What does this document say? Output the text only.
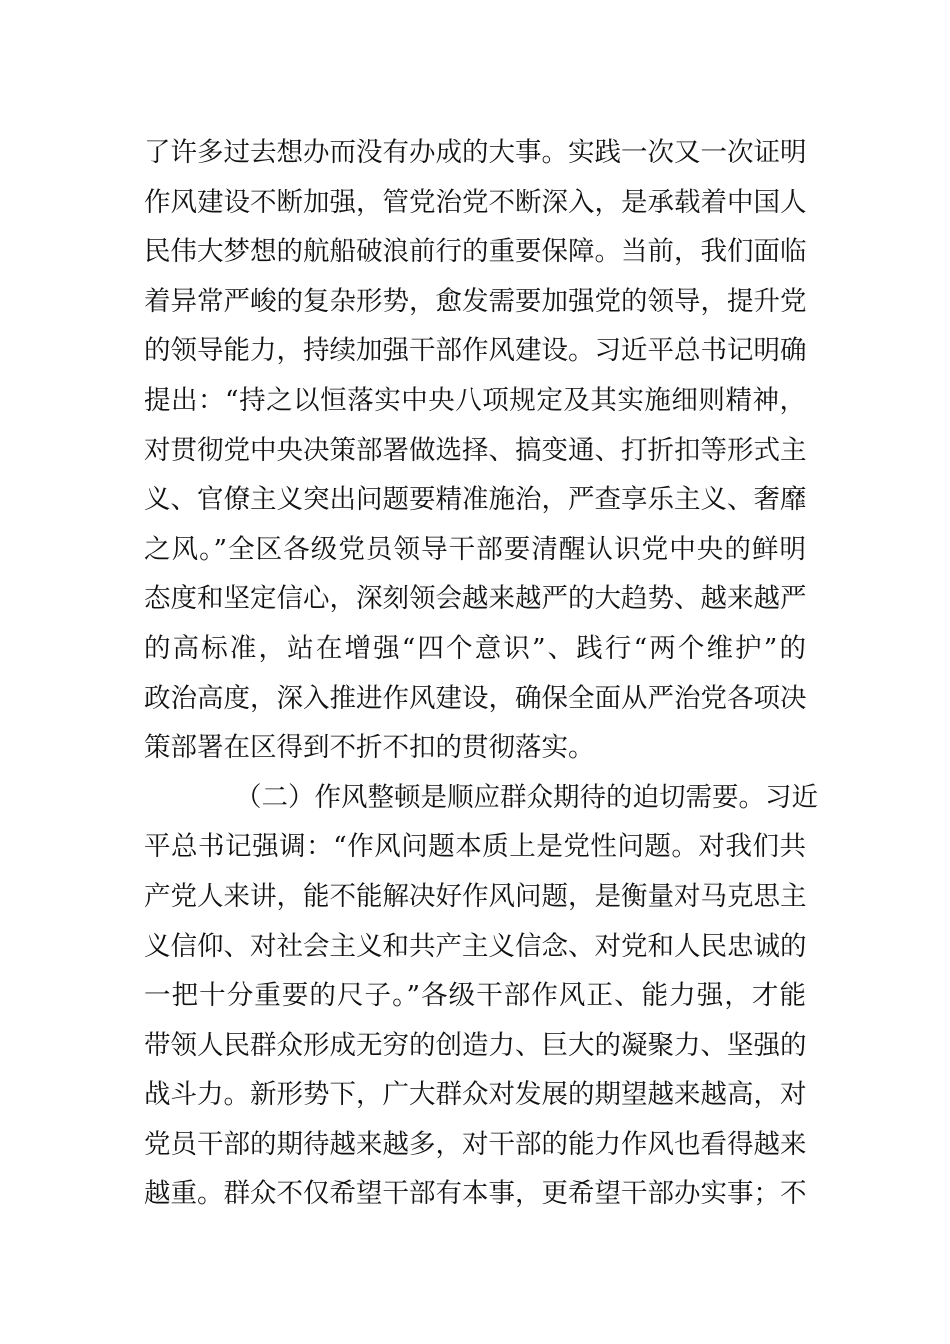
了许多过去想办而没有办成的大事。实践一次又一次证明
作风建设不断加强，管党治党不断深入，是承载着中国人
民伟大梦想的航船破浪前行的重要保障。当前，我们面临
着异常严峻的复杂形势，愈发需要加强党的领导，提升党
的领导能力，持续加强干部作风建设。习近平总书记明确
提出：“持之以恒落实中央八项规定及其实施细则精神，
对贯彻党中央决策部署做选择、搞变通、打折扣等形式主
义、官僚主义突出问题要精准施治，严查享乐主义、奢靡
之风。”全区各级党员领导干部要清醒认识党中央的鲜明
态度和坚定信心，深刻领会越来越严的大趋势、越来越严
的高标准，站在增强“四个意识”、践行“两个维护”的
政治高度，深入推进作风建设，确保全面从严治党各项决
策部署在区得到不折不扣的贯彻落实。
（二）作风整顿是顺应群众期待的迫切需要。习近
平总书记强调：“作风问题本质上是党性问题。对我们共
产党人来讲，能不能解决好作风问题，是衡量对马克思主
义信仰、对社会主义和共产主义信念、对党和人民忠诚的
一把十分重要的尺子。”各级干部作风正、能力强，才能
带领人民群众形成无穷的创造力、巨大的凝聚力、坚强的
战斗力。新形势下，广大群众对发展的期望越来越高，对
党员干部的期待越来越多，对干部的能力作风也看得越来
越重。群众不仅希望干部有本事，更希望干部办实事；不
